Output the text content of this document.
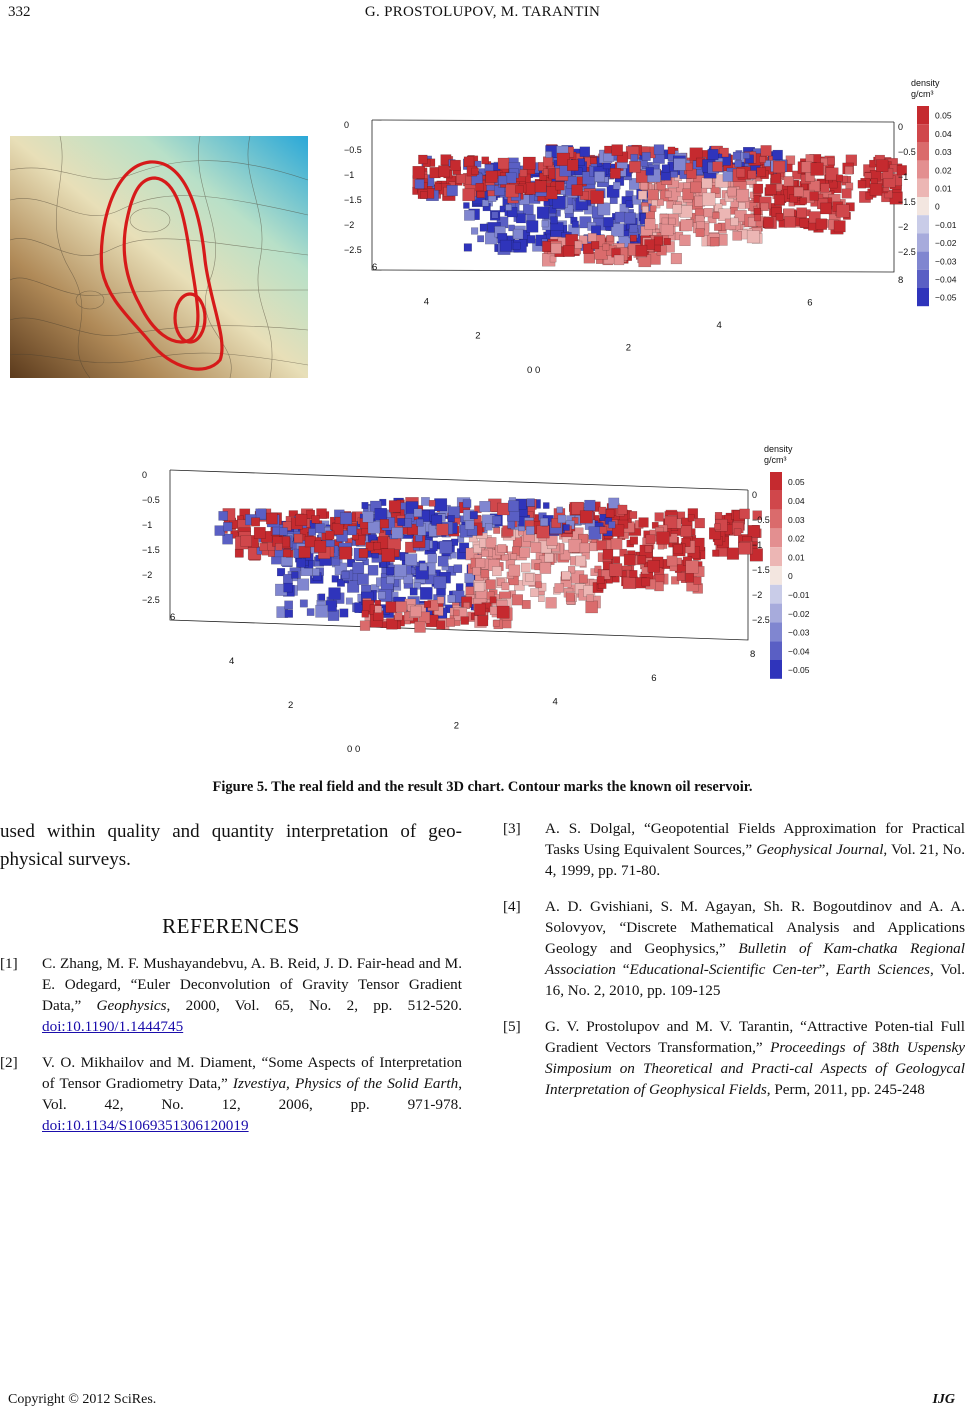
332	G. PROSTOLUPOV, M. TARANTIN
0
−0.5
−1
−1.5
−2
−2.5
0
−0.5
−1
−1.5
−2
−2.5
0
2
4
6
0
2
4
6
8
density
g/cm³
0.05
0.04
0.03
0.02
0.01
0
−0.01
−0.02
−0.03
−0.04
−0.05
0
−0.5
−1
−1.5
−2
−2.5
0
−0.5
−1
−1.5
−2
−2.5
0
2
4
6
0
2
4
6
8
density
g/cm³
0.05
0.04
0.03
0.02
0.01
0
−0.01
−0.02
−0.03
−0.04
−0.05
Figure 5. The real field and the result 3D chart. Contour marks the known oil reservoir.

used within quality and quantity interpretation of geo-physical surveys.

REFERENCES
[1] C. Zhang, M. F. Mushayandebvu, A. B. Reid, J. D. Fair-head and M. E. Odegard, “Euler Deconvolution of Gravity Tensor Gradient Data,” Geophysics, 2000, Vol. 65, No. 2, pp. 512-520. doi:10.1190/1.1444745
[2] V. O. Mikhailov and M. Diament, “Some Aspects of Interpretation of Tensor Gradiometry Data,” Izvestiya, Physics of the Solid Earth, Vol. 42, No. 12, 2006, pp. 971-978. doi:10.1134/S1069351306120019
[3] A. S. Dolgal, “Geopotential Fields Approximation for Practical Tasks Using Equivalent Sources,” Geophysical Journal, Vol. 21, No. 4, 1999, pp. 71-80.
[4] A. D. Gvishiani, S. M. Agayan, Sh. R. Bogoutdinov and A. A. Solovyov, “Discrete Mathematical Analysis and Applications Geology and Geophysics,” Bulletin of Kam-chatka Regional Association “Educational-Scientific Cen-ter”, Earth Sciences, Vol. 16, No. 2, 2010, pp. 109-125
[5] G. V. Prostolupov and M. V. Tarantin, “Attractive Poten-tial Full Gradient Vectors Transformation,” Proceedings of 38th Uspensky Simposium on Theoretical and Practi-cal Aspects of Geologycal Interpretation of Geophysical Fields, Perm, 2011, pp. 245-248
Copyright © 2012 SciRes.	IJG
